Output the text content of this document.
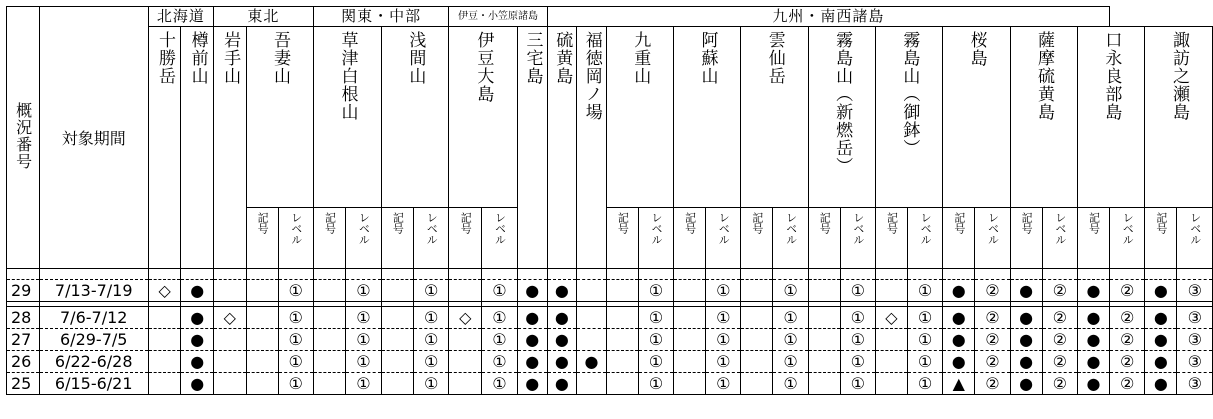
概況番号	対象期間	北海道		東北			関東・中部				伊豆・小笠原諸島			九州・南西諸島																			
		十勝岳	樽前山	岩手山	吾妻山		草津白根山		浅間山		伊豆大島		三宅島	硫黄島	福徳岡ノ場	九重山		阿蘇山		雲仙岳		霧島山（新燃岳）		霧島山（御鉢）		桜島		薩摩硫黄島		口永良部島		諏訪之瀬島	
					記号	レベル	記号	レベル	記号	レベル	記号	レベル				記号	レベル	記号	レベル	記号	レベル	記号	レベル	記号	レベル	記号	レベル	記号	レベル	記号	レベル	記号	レベル

29	7/13-7/19	◇	●			①		①		①		①	●	●			①		①		①		①		①	●	②	●	②	●	②	●	③

28	7/6-7/12		●	◇		①		①		①	◇	①	●	●			①		①		①		①	◇	①	●	②	●	②	●	②	●	③
27	6/29-7/5		●			①		①		①		①	●	●			①		①		①		①		①	●	②	●	②	●	②	●	③
26	6/22-6/28		●			①		①		①		①	●	●	●		①		①		①		①		①	●	②	●	②	●	②	●	③
25	6/15-6/21		●			①		①		①		①	●	●			①		①		①		①		①	▲	②	●	②	●	②	●	③
